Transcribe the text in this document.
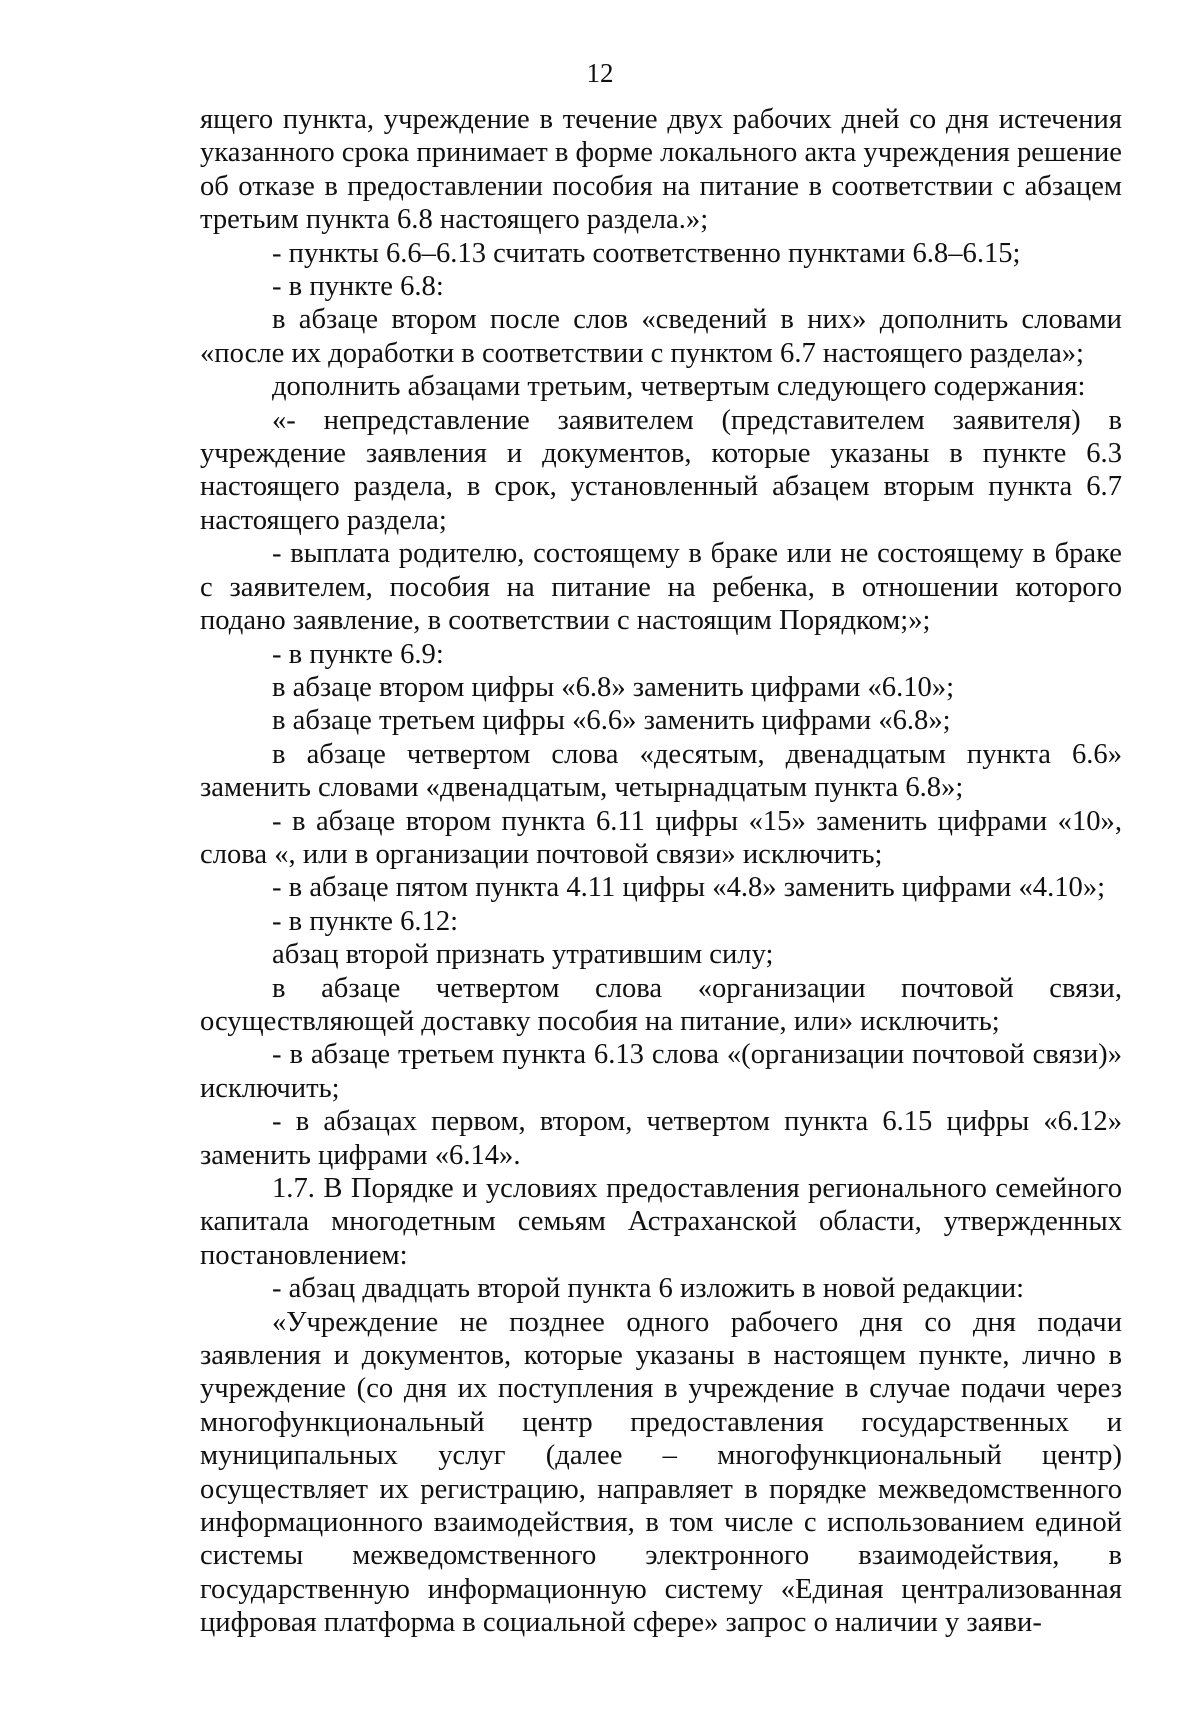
12

ящего пункта, учреждение в течение двух рабочих дней со дня истечения указанного срока принимает в форме локального акта учреждения решение об отказе в предоставлении пособия на питание в соответствии с абзацем третьим пункта 6.8 настоящего раздела.»;

- пункты 6.6–6.13 считать соответственно пунктами 6.8–6.15;

- в пункте 6.8:

в абзаце втором после слов «сведений в них» дополнить словами «после их доработки в соответствии с пунктом 6.7 настоящего раздела»;

дополнить абзацами третьим, четвертым следующего содержания:

«- непредставление заявителем (представителем заявителя) в учреждение заявления и документов, которые указаны в пункте 6.3 настоящего раздела, в срок, установленный абзацем вторым пункта 6.7 настоящего раздела;

- выплата родителю, состоящему в браке или не состоящему в браке с заявителем, пособия на питание на ребенка, в отношении которого подано заявление, в соответствии с настоящим Порядком;»;

- в пункте 6.9:

в абзаце втором цифры «6.8» заменить цифрами «6.10»;

в абзаце третьем цифры «6.6» заменить цифрами «6.8»;

в абзаце четвертом слова «десятым, двенадцатым пункта 6.6» заменить словами «двенадцатым, четырнадцатым пункта 6.8»;

- в абзаце втором пункта 6.11 цифры «15» заменить цифрами «10», слова «, или в организации почтовой связи» исключить;

- в абзаце пятом пункта 4.11 цифры «4.8» заменить цифрами «4.10»;

- в пункте 6.12:

абзац второй признать утратившим силу;

в абзаце четвертом слова «организации почтовой связи, осуществляющей доставку пособия на питание, или» исключить;

- в абзаце третьем пункта 6.13 слова «(организации почтовой связи)» исключить;

- в абзацах первом, втором, четвертом пункта 6.15 цифры «6.12» заменить цифрами «6.14».

1.7. В Порядке и условиях предоставления регионального семейного капитала многодетным семьям Астраханской области, утвержденных постановлением:

- абзац двадцать второй пункта 6 изложить в новой редакции:

«Учреждение не позднее одного рабочего дня со дня подачи заявления и документов, которые указаны в настоящем пункте, лично в учреждение (со дня их поступления в учреждение в случае подачи через многофункциональный центр предоставления государственных и муниципальных услуг (далее – многофункциональный центр) осуществляет их регистрацию, направляет в порядке межведомственного информационного взаимодействия, в том числе с использованием единой системы межведомственного электронного взаимодействия, в государственную информационную систему «Единая централизованная цифровая платформа в социальной сфере» запрос о наличии у заяви-
